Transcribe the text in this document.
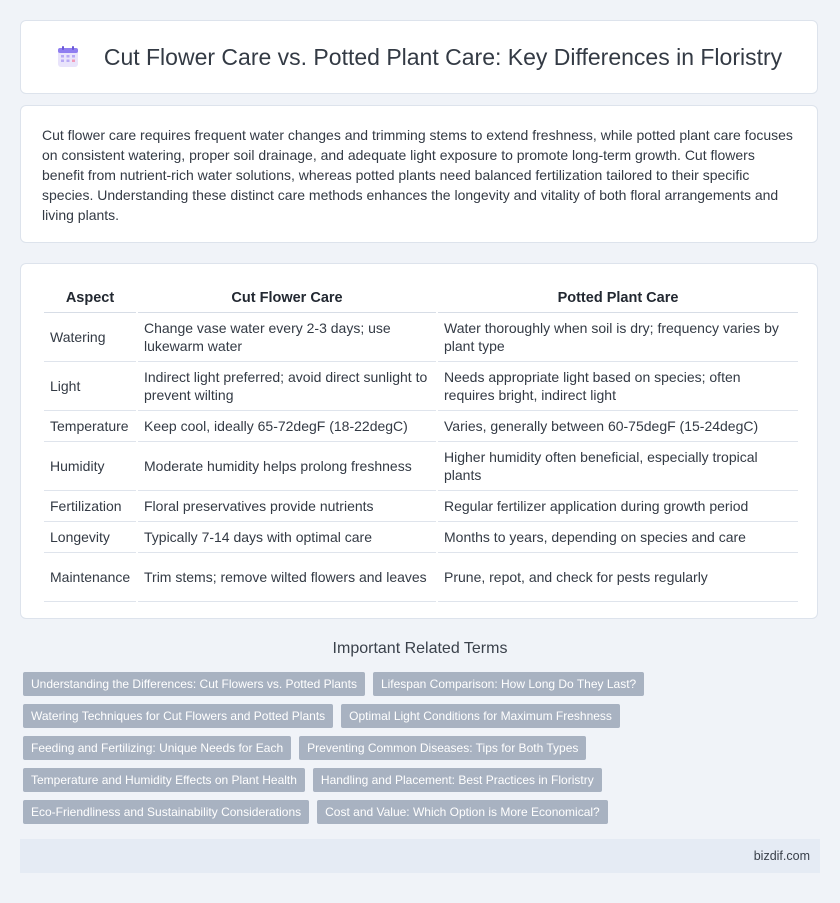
Cut Flower Care vs. Potted Plant Care: Key Differences in Floristry

Cut flower care requires frequent water changes and trimming stems to extend freshness, while potted plant care focuses on consistent watering, proper soil drainage, and adequate light exposure to promote long-term growth. Cut flowers benefit from nutrient-rich water solutions, whereas potted plants need balanced fertilization tailored to their specific species. Understanding these distinct care methods enhances the longevity and vitality of both floral arrangements and living plants.

Aspect	Cut Flower Care	Potted Plant Care
Watering	Change vase water every 2-3 days; use lukewarm water	Water thoroughly when soil is dry; frequency varies by plant type
Light	Indirect light preferred; avoid direct sunlight to prevent wilting	Needs appropriate light based on species; often requires bright, indirect light
Temperature	Keep cool, ideally 65-72degF (18-22degC)	Varies, generally between 60-75degF (15-24degC)
Humidity	Moderate humidity helps prolong freshness	Higher humidity often beneficial, especially tropical plants
Fertilization	Floral preservatives provide nutrients	Regular fertilizer application during growth period
Longevity	Typically 7-14 days with optimal care	Months to years, depending on species and care
Maintenance	Trim stems; remove wilted flowers and leaves	Prune, repot, and check for pests regularly
Important Related Terms
Understanding the Differences: Cut Flowers vs. Potted Plants	Lifespan Comparison: How Long Do They Last?
Watering Techniques for Cut Flowers and Potted Plants	Optimal Light Conditions for Maximum Freshness
Feeding and Fertilizing: Unique Needs for Each	Preventing Common Diseases: Tips for Both Types
Temperature and Humidity Effects on Plant Health	Handling and Placement: Best Practices in Floristry
Eco-Friendliness and Sustainability Considerations	Cost and Value: Which Option is More Economical?
bizdif.com
